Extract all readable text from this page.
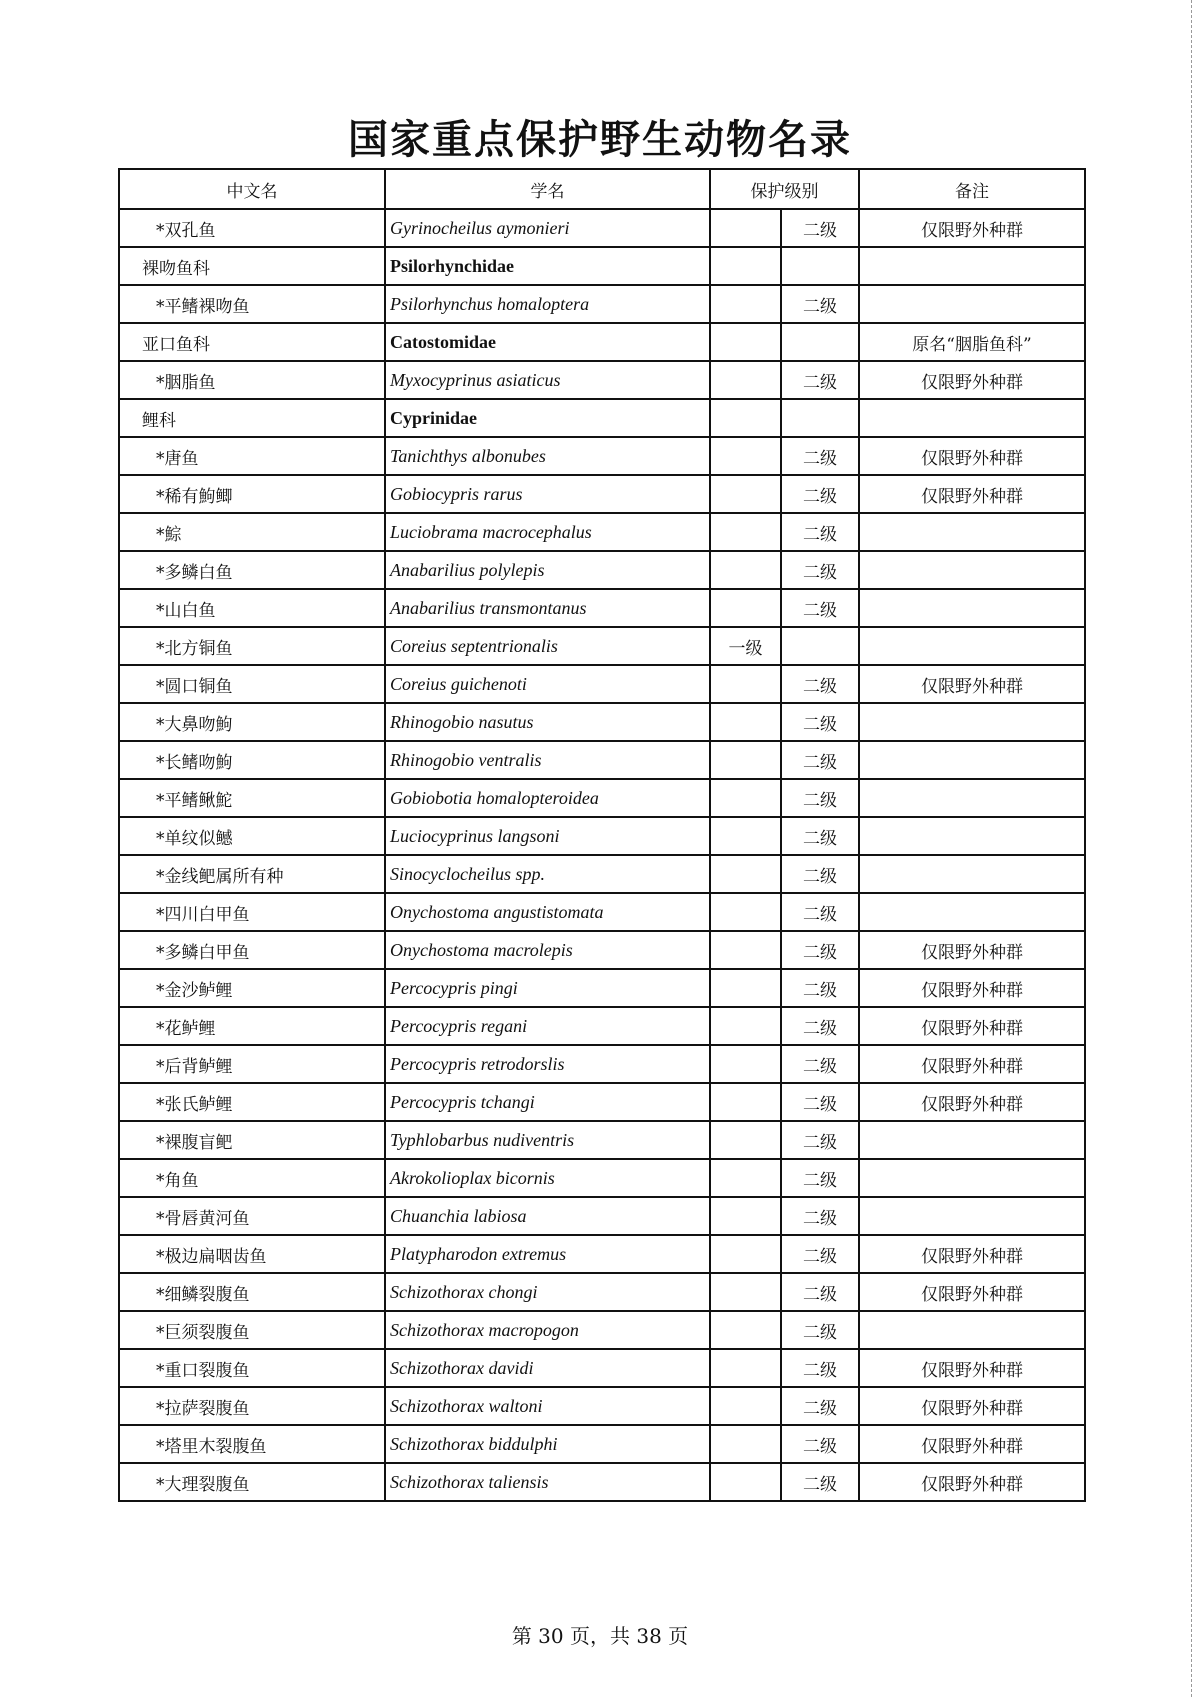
国家重点保护野生动物名录
中文名	学名	保护级别		备注
*双孔鱼	Gyrinocheilus aymonieri		二级	仅限野外种群
裸吻鱼科	Psilorhynchidae			
*平鳍裸吻鱼	Psilorhynchus homaloptera		二级	
亚口鱼科	Catostomidae			原名“胭脂鱼科”
*胭脂鱼	Myxocyprinus asiaticus		二级	仅限野外种群
鲤科	Cyprinidae			
*唐鱼	Tanichthys albonubes		二级	仅限野外种群
*稀有鮈鲫	Gobiocypris rarus		二级	仅限野外种群
*鯮	Luciobrama macrocephalus		二级	
*多鳞白鱼	Anabarilius polylepis		二级	
*山白鱼	Anabarilius transmontanus		二级	
*北方铜鱼	Coreius septentrionalis	一级		
*圆口铜鱼	Coreius guichenoti		二级	仅限野外种群
*大鼻吻鮈	Rhinogobio nasutus		二级	
*长鳍吻鮈	Rhinogobio ventralis		二级	
*平鳍鳅鮀	Gobiobotia homalopteroidea		二级	
*单纹似鳡	Luciocyprinus langsoni		二级	
*金线鲃属所有种	Sinocyclocheilus spp.		二级	
*四川白甲鱼	Onychostoma angustistomata		二级	
*多鳞白甲鱼	Onychostoma macrolepis		二级	仅限野外种群
*金沙鲈鲤	Percocypris pingi		二级	仅限野外种群
*花鲈鲤	Percocypris regani		二级	仅限野外种群
*后背鲈鲤	Percocypris retrodorslis		二级	仅限野外种群
*张氏鲈鲤	Percocypris tchangi		二级	仅限野外种群
*裸腹盲鲃	Typhlobarbus nudiventris		二级	
*角鱼	Akrokolioplax bicornis		二级	
*骨唇黄河鱼	Chuanchia labiosa		二级	
*极边扁咽齿鱼	Platypharodon extremus		二级	仅限野外种群
*细鳞裂腹鱼	Schizothorax chongi		二级	仅限野外种群
*巨须裂腹鱼	Schizothorax macropogon		二级	
*重口裂腹鱼	Schizothorax davidi		二级	仅限野外种群
*拉萨裂腹鱼	Schizothorax waltoni		二级	仅限野外种群
*塔里木裂腹鱼	Schizothorax biddulphi		二级	仅限野外种群
*大理裂腹鱼	Schizothorax taliensis		二级	仅限野外种群
第 30 页，共 38 页
